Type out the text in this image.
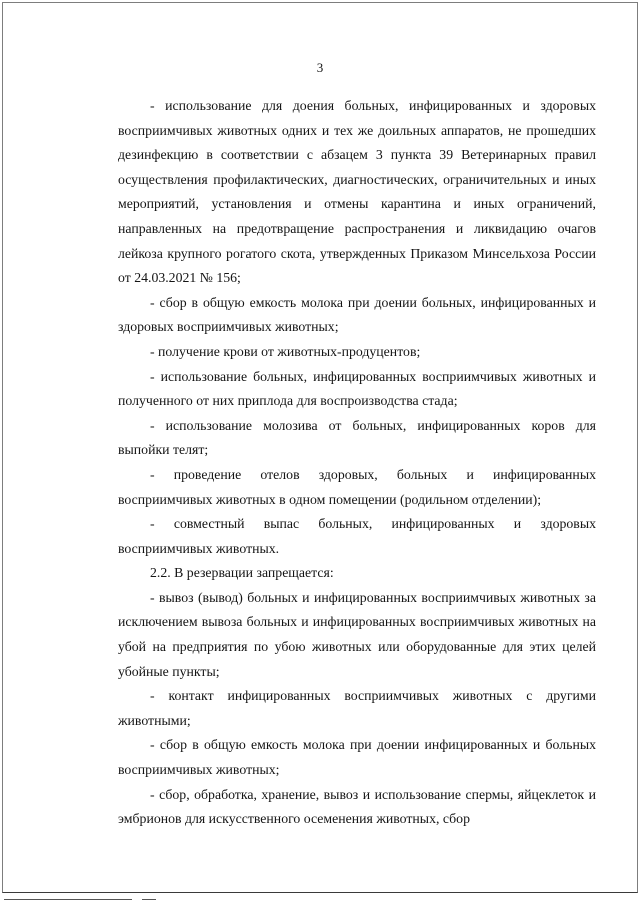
3

- использование для доения больных, инфицированных и здоровых восприимчивых животных одних и тех же доильных аппаратов, не прошедших дезинфекцию в соответствии с абзацем 3 пункта 39 Ветеринарных правил осуществления профилактических, диагностических, ограничительных и иных мероприятий, установления и отмены карантина и иных ограничений, направленных на предотвращение распространения и ликвидацию очагов лейкоза крупного рогатого скота, утвержденных Приказом Минсельхоза России от 24.03.2021 № 156;

- сбор в общую емкость молока при доении больных, инфицированных и здоровых восприимчивых животных;

- получение крови от животных-продуцентов;

- использование больных, инфицированных восприимчивых животных и полученного от них приплода для воспроизводства стада;

- использование молозива от больных, инфицированных коров для выпойки телят;

- проведение отелов здоровых, больных и инфицированных восприимчивых животных в одном помещении (родильном отделении);

- совместный выпас больных, инфицированных и здоровых восприимчивых животных.

2.2. В резервации запрещается:

- вывоз (вывод) больных и инфицированных восприимчивых животных за исключением вывоза больных и инфицированных восприимчивых животных на убой на предприятия по убою животных или оборудованные для этих целей убойные пункты;

- контакт инфицированных восприимчивых животных с другими животными;

- сбор в общую емкость молока при доении инфицированных и больных восприимчивых животных;

- сбор, обработка, хранение, вывоз и использование спермы, яйцеклеток и эмбрионов для искусственного осеменения животных, сбор
